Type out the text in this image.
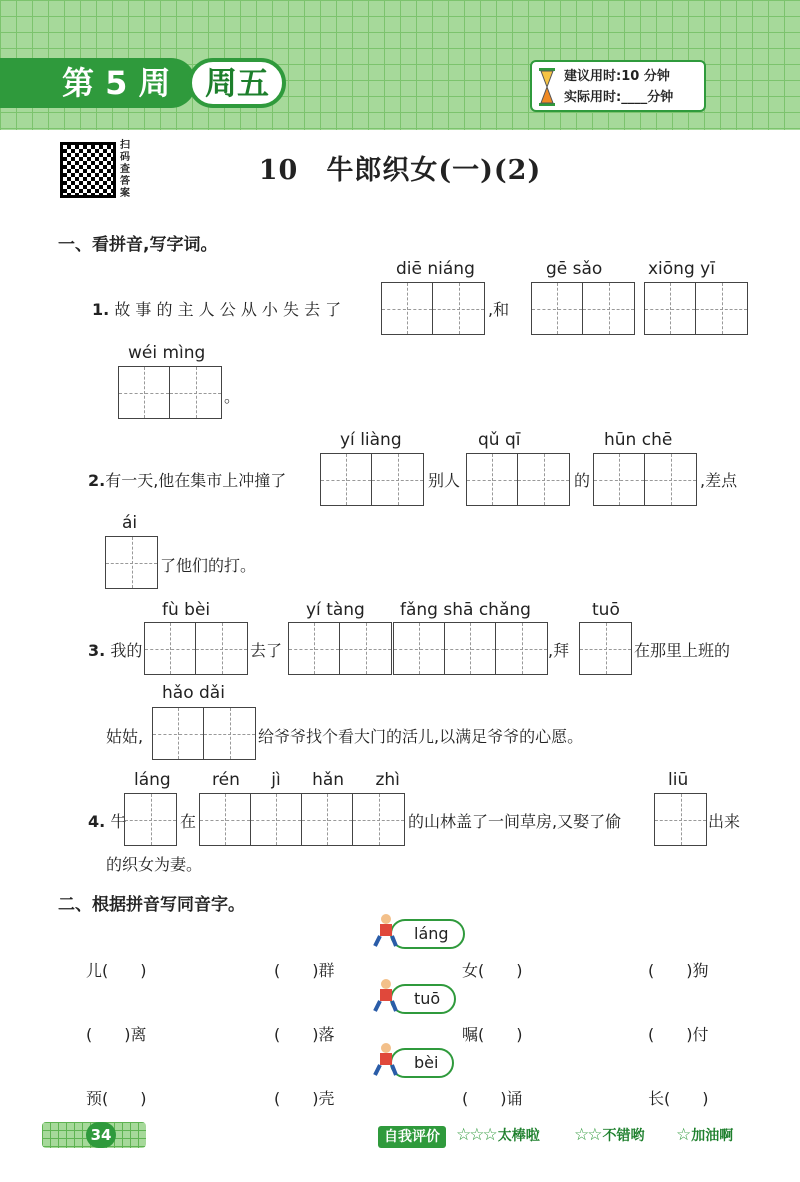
第 5 周	周五	建议用时:10 分钟
实际用时:____分钟
扫码查答案
10　牛郎织女(一)(2)
一、看拼音,写字词。
diē niáng	gē sǎo	xiōng yī
1. 故 事 的 主 人 公 从 小 失 去 了	,和
wéi mìng
。
yí liàng	qǔ qī	hūn chē
2.有一天,他在集市上冲撞了	别人	的	,差点
ái
了他们的打。
fù bèi	yí tàng fǎng shā chǎng	tuō
3. 我的	去了	,拜	在那里上班的
hǎo dǎi
姑姑,	给爷爷找个看大门的活儿,以满足爷爷的心愿。
láng rén jì hǎn zhì	liū
4. 牛	在	的山林盖了一间草房,又娶了偷	出来
的织女为妻。
二、根据拼音写同音字。
láng
儿(　　)	(　　)群	女(　　)	(　　)狗
tuō
(　　)离	(　　)落	嘱(　　)	(　　)付
bèi
预(　　)	(　　)壳	(　　)诵	长(　　)
34	自我评价 ☆☆☆ 太棒啦 ☆☆ 不错哟 ☆ 加油啊
